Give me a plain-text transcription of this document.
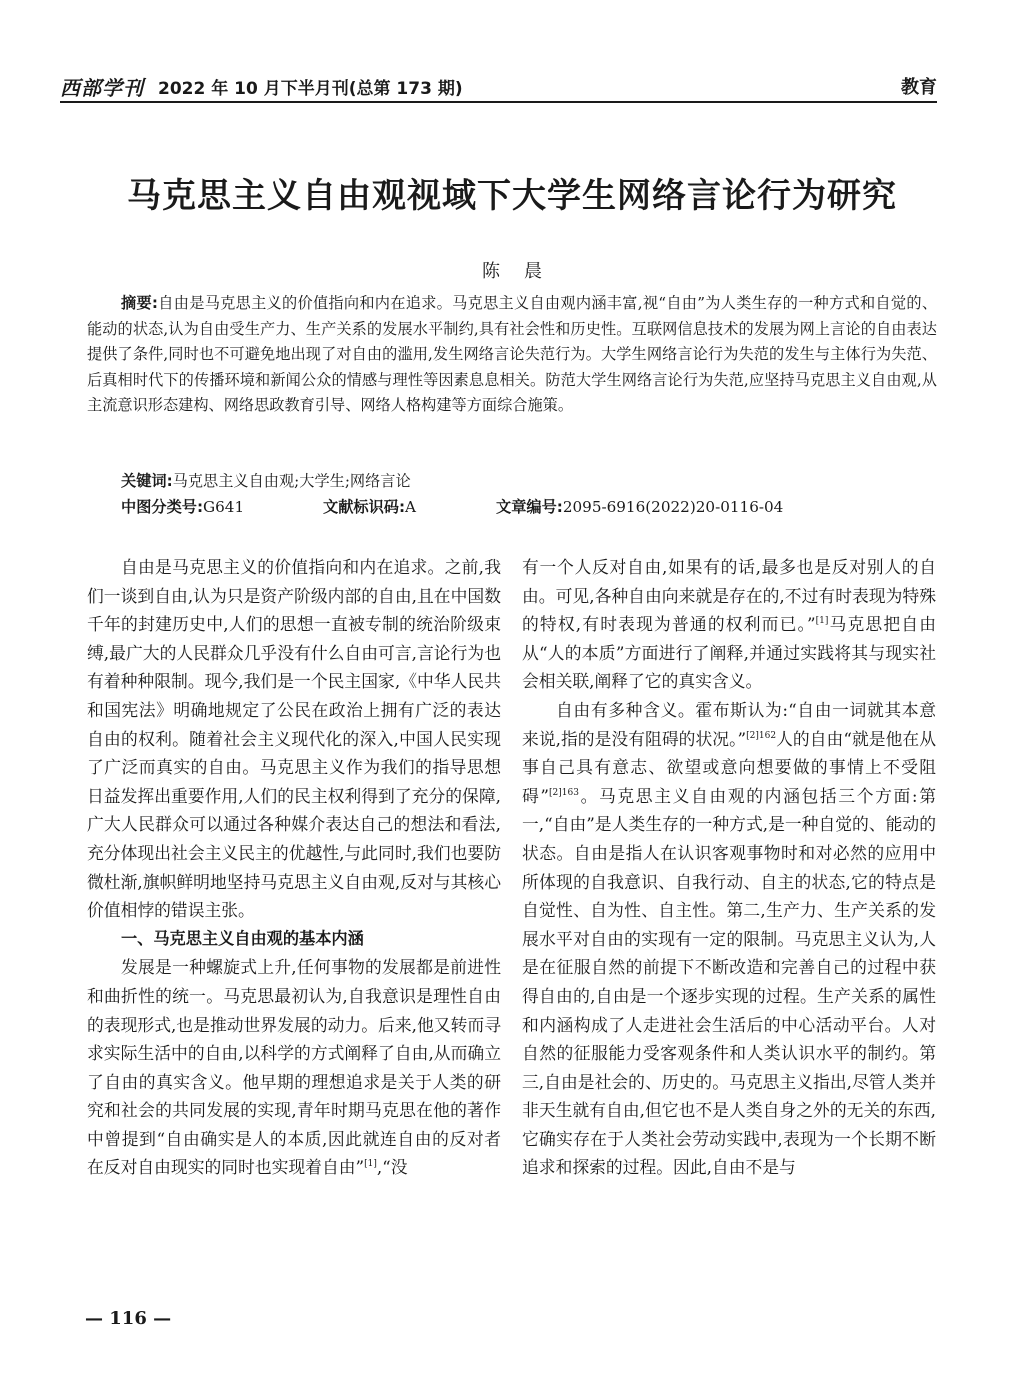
西部学刊 2022 年 10 月下半月刊(总第 173 期)	教育
马克思主义自由观视域下大学生网络言论行为研究
陈晨

摘要:自由是马克思主义的价值指向和内在追求。马克思主义自由观内涵丰富,视“自由”为人类生存的一种方式和自觉的、能动的状态,认为自由受生产力、生产关系的发展水平制约,具有社会性和历史性。互联网信息技术的发展为网上言论的自由表达提供了条件,同时也不可避免地出现了对自由的滥用,发生网络言论失范行为。大学生网络言论行为失范的发生与主体行为失范、后真相时代下的传播环境和新闻公众的情感与理性等因素息息相关。防范大学生网络言论行为失范,应坚持马克思主义自由观,从主流意识形态建构、网络思政教育引导、网络人格构建等方面综合施策。

关键词:马克思主义自由观;大学生;网络言论
中图分类号:G641	文献标识码:A	文章编号:2095-6916(2022)20-0116-04

自由是马克思主义的价值指向和内在追求。之前,我们一谈到自由,认为只是资产阶级内部的自由,且在中国数千年的封建历史中,人们的思想一直被专制的统治阶级束缚,最广大的人民群众几乎没有什么自由可言,言论行为也有着种种限制。现今,我们是一个民主国家,《中华人民共和国宪法》明确地规定了公民在政治上拥有广泛的表达自由的权利。随着社会主义现代化的深入,中国人民实现了广泛而真实的自由。马克思主义作为我们的指导思想日益发挥出重要作用,人们的民主权利得到了充分的保障,广大人民群众可以通过各种媒介表达自己的想法和看法,充分体现出社会主义民主的优越性,与此同时,我们也要防微杜渐,旗帜鲜明地坚持马克思主义自由观,反对与其核心价值相悖的错误主张。

一、马克思主义自由观的基本内涵

发展是一种螺旋式上升,任何事物的发展都是前进性和曲折性的统一。马克思最初认为,自我意识是理性自由的表现形式,也是推动世界发展的动力。后来,他又转而寻求实际生活中的自由,以科学的方式阐释了自由,从而确立了自由的真实含义。他早期的理想追求是关于人类的研究和社会的共同发展的实现,青年时期马克思在他的著作中曾提到“自由确实是人的本质,因此就连自由的反对者在反对自由现实的同时也实现着自由”[1],“没

有一个人反对自由,如果有的话,最多也是反对别人的自由。可见,各种自由向来就是存在的,不过有时表现为特殊的特权,有时表现为普通的权利而已。”[1]马克思把自由从“人的本质”方面进行了阐释,并通过实践将其与现实社会相关联,阐释了它的真实含义。

自由有多种含义。霍布斯认为:“自由一词就其本意来说,指的是没有阻碍的状况。”$^{[2]162}$人的自由“就是他在从事自己具有意志、欲望或意向想要做的事情上不受阻碍”$^{[2]163}$。马克思主义自由观的内涵包括三个方面:第一,“自由”是人类生存的一种方式,是一种自觉的、能动的状态。自由是指人在认识客观事物时和对必然的应用中所体现的自我意识、自我行动、自主的状态,它的特点是自觉性、自为性、自主性。第二,生产力、生产关系的发展水平对自由的实现有一定的限制。马克思主义认为,人是在征服自然的前提下不断改造和完善自己的过程中获得自由的,自由是一个逐步实现的过程。生产关系的属性和内涵构成了人走进社会生活后的中心活动平台。人对自然的征服能力受客观条件和人类认识水平的制约。第三,自由是社会的、历史的。马克思主义指出,尽管人类并非天生就有自由,但它也不是人类自身之外的无关的东西,它确实存在于人类社会劳动实践中,表现为一个长期不断追求和探索的过程。因此,自由不是与

— 116 —
